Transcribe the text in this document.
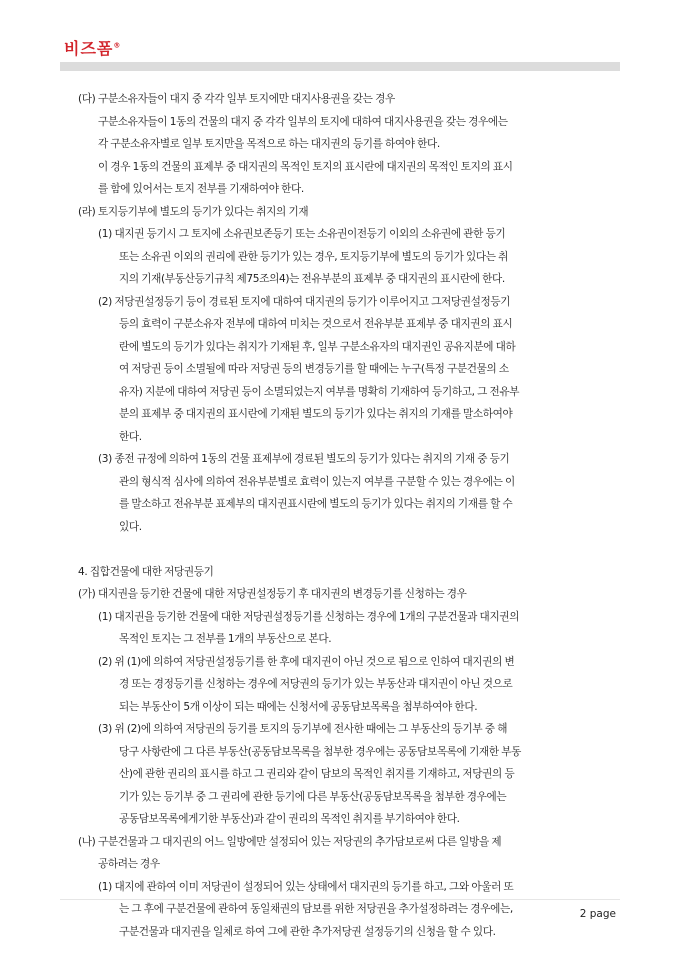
비즈폼®
(다) 구분소유자들이 대지 중 각각 일부 토지에만 대지사용권을 갖는 경우
구분소유자들이 1동의 건물의 대지 중 각각 일부의 토지에 대하여 대지사용권을 갖는 경우에는
각 구분소유자별로 일부 토지만을 목적으로 하는 대지권의 등기를 하여야 한다.
이 경우 1동의 건물의 표제부 중 대지권의 목적인 토지의 표시란에 대지권의 목적인 토지의 표시
를 함에 있어서는 토지 전부를 기재하여야 한다.
(라) 토지등기부에 별도의 등기가 있다는 취지의 기재
(1) 대지권 등기시 그 토지에 소유권보존등기 또는 소유권이전등기 이외의 소유권에 관한 등기
또는 소유권 이외의 권리에 관한 등기가 있는 경우, 토지등기부에 별도의 등기가 있다는 취
지의 기재(부동산등기규칙 제75조의4)는 전유부분의 표제부 중 대지권의 표시란에 한다.
(2) 저당권설정등기 등이 경료된 토지에 대하여 대지권의 등기가 이루어지고 그저당권설정등기
등의 효력이 구분소유자 전부에 대하여 미치는 것으로서 전유부분 표제부 중 대지권의 표시
란에 별도의 등기가 있다는 취지가 기재된 후, 일부 구분소유자의 대지권인 공유지분에 대하
여 저당권 등이 소멸될에 따라 저당권 등의 변경등기를 할 때에는 누구(특정 구분건물의 소
유자) 지분에 대하여 저당권 등이 소멸되었는지 여부를 명확히 기재하여 등기하고, 그 전유부
분의 표제부 중 대지권의 표시란에 기재된 별도의 등기가 있다는 취지의 기재를 말소하여야
한다.
(3) 종전 규정에 의하여 1동의 건물 표제부에 경료된 별도의 등기가 있다는 취지의 기재 중 등기
관의 형식적 심사에 의하여 전유부분별로 효력이 있는지 여부를 구분할 수 있는 경우에는 이
를 말소하고 전유부분 표제부의 대지권표시란에 별도의 등기가 있다는 취지의 기재를 할 수
있다.
4. 집합건물에 대한 저당권등기
(가) 대지권을 등기한 건물에 대한 저당권설정등기 후 대지권의 변경등기를 신청하는 경우
(1) 대지권을 등기한 건물에 대한 저당권설정등기를 신청하는 경우에 1개의 구분건물과 대지권의
목적인 토지는 그 전부를 1개의 부동산으로 본다.
(2) 위 (1)에 의하여 저당권설정등기를 한 후에 대지권이 아닌 것으로 됨으로 인하여 대지권의 변
경 또는 경정등기를 신청하는 경우에 저당권의 등기가 있는 부동산과 대지권이 아닌 것으로
되는 부동산이 5개 이상이 되는 때에는 신청서에 공동담보목록을 첨부하여야 한다.
(3) 위 (2)에 의하여 저당권의 등기를 토지의 등기부에 전사한 때에는 그 부동산의 등기부 중 해
당구 사항란에 그 다른 부동산(공동담보목록을 첨부한 경우에는 공동담보목록에 기재한 부동
산)에 관한 권리의 표시를 하고 그 권리와 같이 담보의 목적인 취지를 기재하고, 저당권의 등
기가 있는 등기부 중 그 권리에 관한 등기에 다른 부동산(공동담보목록을 첨부한 경우에는
공동담보목록에게기한 부동산)과 같이 권리의 목적인 취지를 부기하여야 한다.
(나) 구분건물과 그 대지권의 어느 일방에만 설정되어 있는 저당권의 추가담보로써 다른 일방을 제
공하려는 경우
(1) 대지에 관하여 이미 저당권이 설정되어 있는 상태에서 대지권의 등기를 하고, 그와 아울러 또
는 그 후에 구분건물에 관하여 동일채권의 담보를 위한 저당권을 추가설정하려는 경우에는,
구분건물과 대지권을 일체로 하여 그에 관한 추가저당권 설정등기의 신청을 할 수 있다.
2 page
